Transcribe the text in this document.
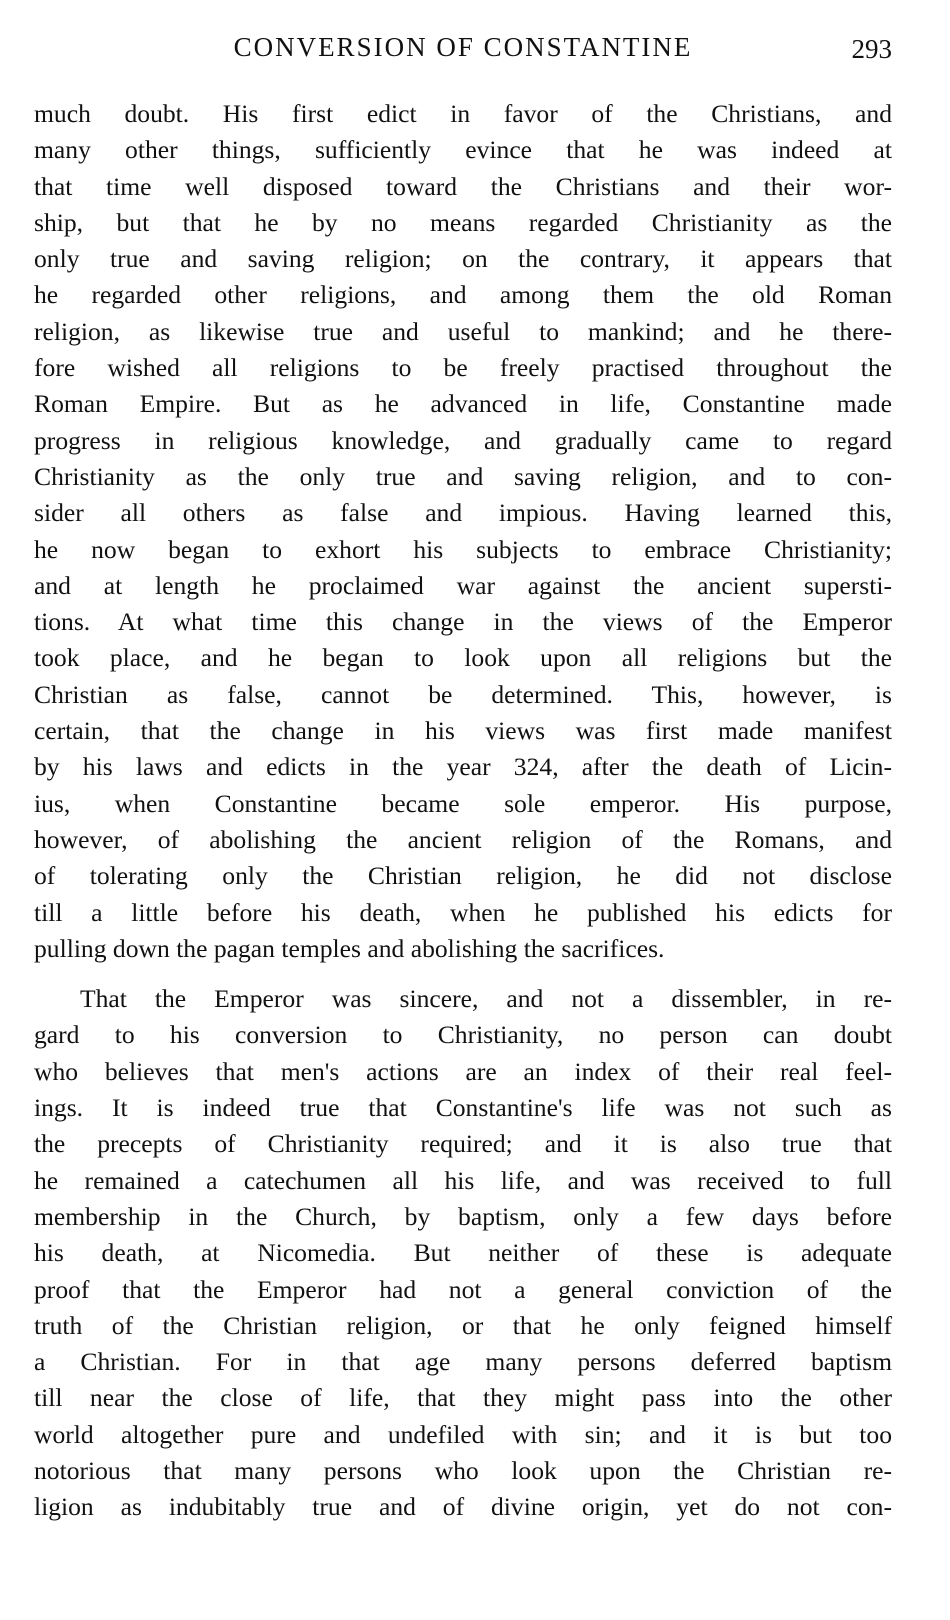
CONVERSION OF CONSTANTINE	293
much doubt. His first edict in favor of the Christians, and
many other things, sufficiently evince that he was indeed at
that time well disposed toward the Christians and their wor-
ship, but that he by no means regarded Christianity as the
only true and saving religion; on the contrary, it appears that
he regarded other religions, and among them the old Roman
religion, as likewise true and useful to mankind; and he there-
fore wished all religions to be freely practised throughout the
Roman Empire. But as he advanced in life, Constantine made
progress in religious knowledge, and gradually came to regard
Christianity as the only true and saving religion, and to con-
sider all others as false and impious. Having learned this,
he now began to exhort his subjects to embrace Christianity;
and at length he proclaimed war against the ancient supersti-
tions. At what time this change in the views of the Emperor
took place, and he began to look upon all religions but the
Christian as false, cannot be determined. This, however, is
certain, that the change in his views was first made manifest
by his laws and edicts in the year 324, after the death of Licin-
ius, when Constantine became sole emperor. His purpose,
however, of abolishing the ancient religion of the Romans, and
of tolerating only the Christian religion, he did not disclose
till a little before his death, when he published his edicts for
pulling down the pagan temples and abolishing the sacrifices.
That the Emperor was sincere, and not a dissembler, in re-
gard to his conversion to Christianity, no person can doubt
who believes that men's actions are an index of their real feel-
ings. It is indeed true that Constantine's life was not such as
the precepts of Christianity required; and it is also true that
he remained a catechumen all his life, and was received to full
membership in the Church, by baptism, only a few days before
his death, at Nicomedia. But neither of these is adequate
proof that the Emperor had not a general conviction of the
truth of the Christian religion, or that he only feigned himself
a Christian. For in that age many persons deferred baptism
till near the close of life, that they might pass into the other
world altogether pure and undefiled with sin; and it is but too
notorious that many persons who look upon the Christian re-
ligion as indubitably true and of divine origin, yet do not con-
